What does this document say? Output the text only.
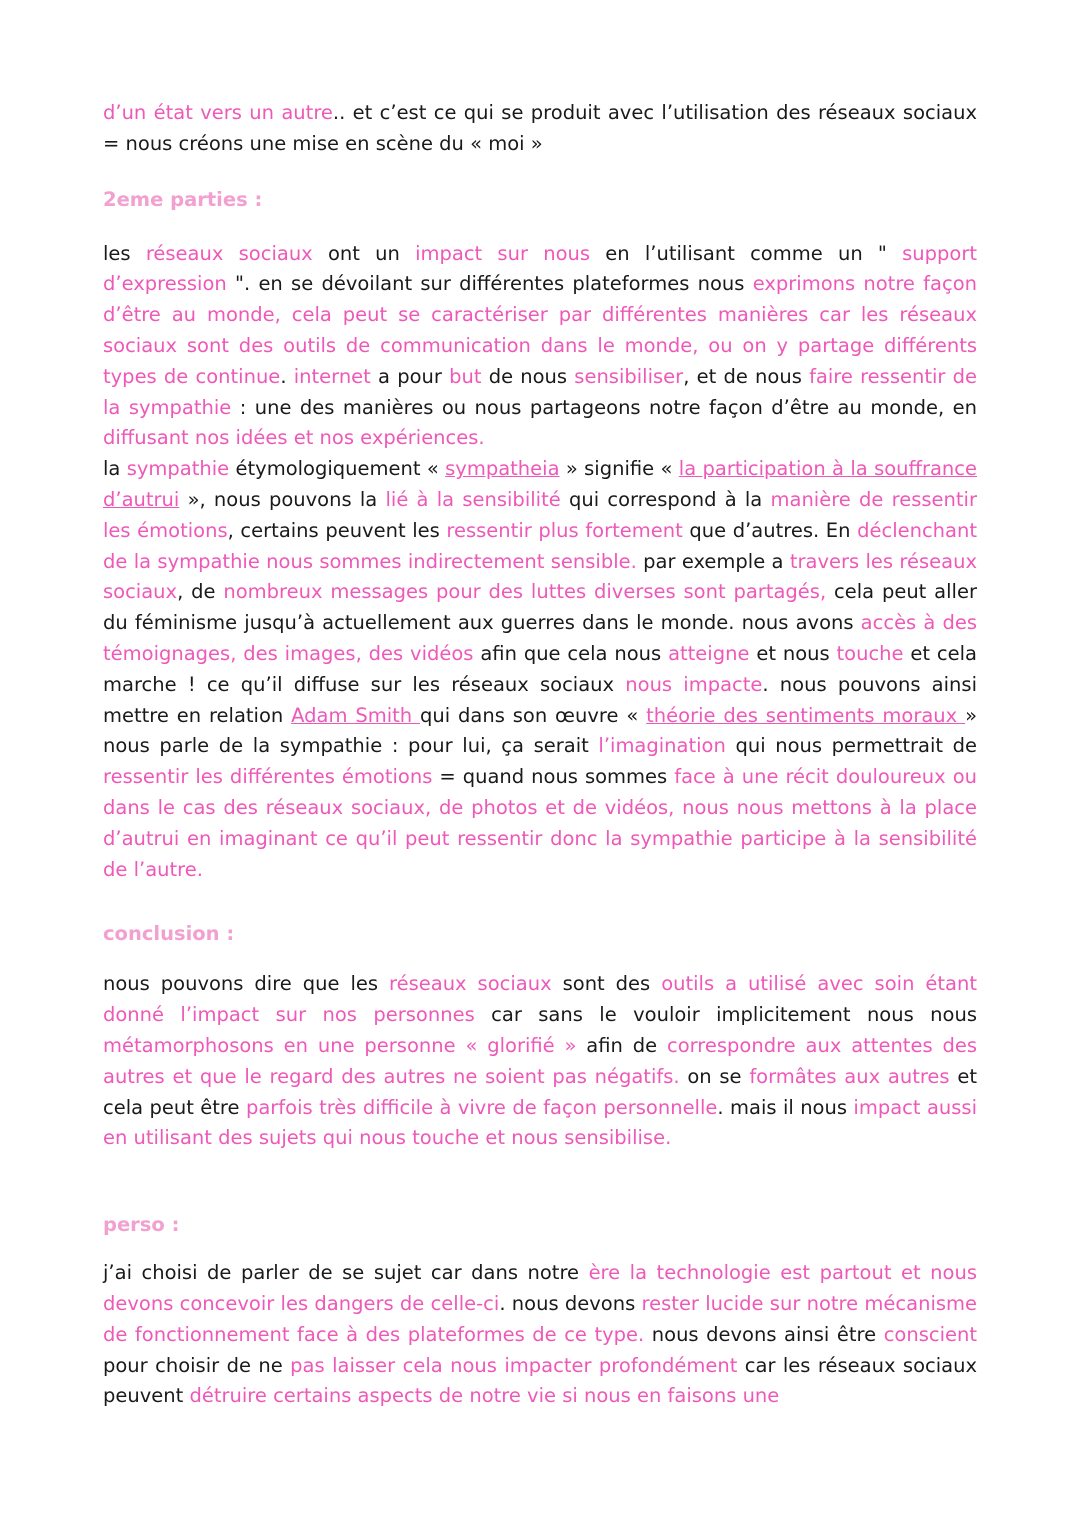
d’un état vers un autre.. et c’est ce qui se produit avec l’utilisation des réseaux sociaux = nous créons une mise en scène du « moi »

2eme parties :

les réseaux sociaux ont un impact sur nous en l’utilisant comme un " support d’expression ". en se dévoilant sur différentes plateformes nous exprimons notre façon d’être au monde, cela peut se caractériser par différentes manières car les réseaux sociaux sont des outils de communication dans le monde, ou on y partage différents types de continue. internet a pour but de nous sensibiliser, et de nous faire ressentir de la sympathie : une des manières ou nous partageons notre façon d’être au monde, en diffusant nos idées et nos expériences.
la sympathie étymologiquement « sympatheia » signifie « la participation à la souffrance d’autrui », nous pouvons la lié à la sensibilité qui correspond à la manière de ressentir les émotions, certains peuvent les ressentir plus fortement que d’autres. En déclenchant de la sympathie nous sommes indirectement sensible. par exemple a travers les réseaux sociaux, de nombreux messages pour des luttes diverses sont partagés, cela peut aller du féminisme jusqu’à actuellement aux guerres dans le monde. nous avons accès à des témoignages, des images, des vidéos afin que cela nous atteigne et nous touche et cela marche ! ce qu’il diffuse sur les réseaux sociaux nous impacte. nous pouvons ainsi mettre en relation Adam Smith qui dans son œuvre « théorie des sentiments moraux » nous parle de la sympathie : pour lui, ça serait l’imagination qui nous permettrait de ressentir les différentes émotions = quand nous sommes face à une récit douloureux ou dans le cas des réseaux sociaux, de photos et de vidéos, nous nous mettons à la place d’autrui en imaginant ce qu’il peut ressentir donc la sympathie participe à la sensibilité de l’autre.

conclusion :

nous pouvons dire que les réseaux sociaux sont des outils a utilisé avec soin étant donné l’impact sur nos personnes car sans le vouloir implicitement nous nous métamorphosons en une personne « glorifié » afin de correspondre aux attentes des autres et que le regard des autres ne soient pas négatifs. on se formâtes aux autres et cela peut être parfois très difficile à vivre de façon personnelle. mais il nous impact aussi en utilisant des sujets qui nous touche et nous sensibilise.

perso :

j’ai choisi de parler de se sujet car dans notre ère la technologie est partout et nous devons concevoir les dangers de celle-ci. nous devons rester lucide sur notre mécanisme de fonctionnement face à des plateformes de ce type. nous devons ainsi être conscient pour choisir de ne pas laisser cela nous impacter profondément car les réseaux sociaux peuvent détruire certains aspects de notre vie si nous en faisons une
